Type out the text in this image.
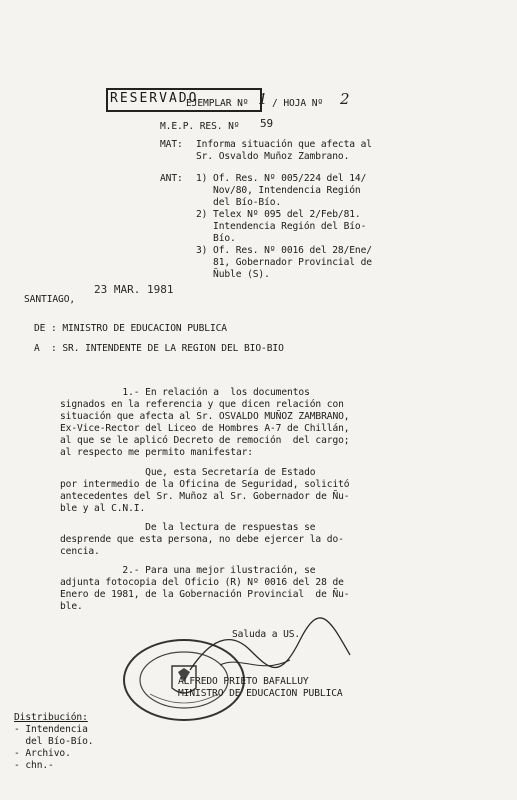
RESERVADO
EJEMPLAR Nº 1 / HOJA Nº 2
M.E.P. RES. Nº 59
MAT: Informa situación que afecta al
Sr. Osvaldo Muñoz Zambrano.
ANT: 1) Of. Res. Nº 005/224 del 14/
Nov/80, Intendencia Región
del Bío-Bío.
2) Telex Nº 095 del 2/Feb/81.
Intendencia Región del Bío-
Bío.
3) Of. Res. Nº 0016 del 28/Ene/
81, Gobernador Provincial de
Ñuble (S).
SANTIAGO,
23 MAR. 1981
DE : MINISTRO DE EDUCACION PUBLICA
A  : SR. INTENDENTE DE LA REGION DEL BIO-BIO
1.- En relación a  los documentos
signados en la referencia y que dicen relación con
situación que afecta al Sr. OSVALDO MUÑOZ ZAMBRANO,
Ex-Vice-Rector del Liceo de Hombres A-7 de Chillán,
al que se le aplicó Decreto de remoción  del cargo;
al respecto me permito manifestar:
Que, esta Secretaría de Estado
por intermedio de la Oficina de Seguridad, solicitó
antecedentes del Sr. Muñoz al Sr. Gobernador de Ñu-
ble y al C.N.I.
De la lectura de respuestas se
desprende que esta persona, no debe ejercer la do-
cencia.
2.- Para una mejor ilustración, se
adjunta fotocopia del Oficio (R) Nº 0016 del 28 de
Enero de 1981, de la Gobernación Provincial  de Ñu-
ble.
Saluda a US.
ALFREDO PRIETO BAFALLUY
MINISTRO DE EDUCACION PUBLICA
Distribución:
- Intendencia
del Bío-Bío.
- Archivo.
- chn.-
